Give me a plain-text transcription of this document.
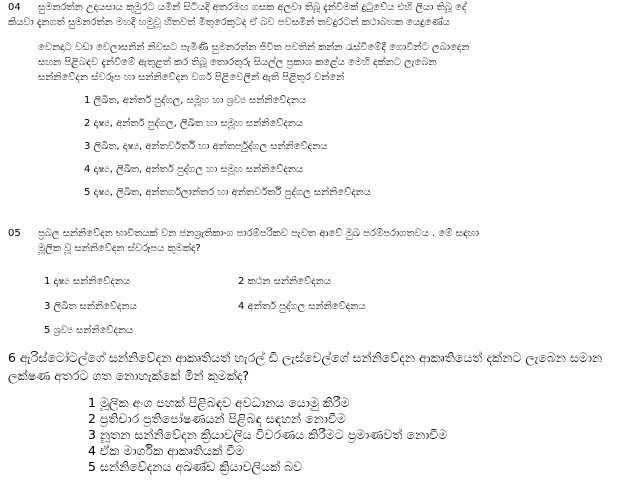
04 සුමනරත්න උදයසාය කුමුරට යමින් සිටියදි අතරමඟ ගසක අලවා තිබූ දැන්වීමක් දුටුවේය එහි ලියා තිබූ දේ
කියවා දැනගත් සුමනරත්න මහදී හමුවූ හිතවත් මිතුරෙකුටද ඒ බව පවසමින් තවදුරටත් කථාබහක යෙදුණේය
වෙනදාට වඩා වෙලාසනින් නිවසට පැමිණි සුමනරත්න ජිවිත පවතින් කන්න රැස්වීමේදී ගොවීන්ට ලබාදෙන
සහන පිළිබඳව දැන්වීමේ ඇතුළත් කර තිබූ තොරතුරු සියල්ල ප්‍රකාශ කළේය මෙහි දක්නට ලැබෙන
සන්නිවේදන ස්වරූප හා සන්නිවේදන වර්ග පිළිවෙලින් ඇති පිළිතුර වන්නේ
1 ලිඛිත, අන්තර් පුද්ගල, සමූහ හා ශ්‍රව්‍ය සන්නිවේදනය
2 දෘෂ්‍ය, අන්තර් පුද්ගල, ලිඛිත හා සමූහ සන්නිවේදනය
3 ලිඛිත, දෘෂ්‍ය, අන්තර්වර්ති හා අන්තර්පුද්ගල සන්නිවේදනය
4 දෘෂ්‍ය, ලිඛිත, අන්තර් පුද්ගල හා සමූහ සන්නිවේදනය
5 දෘෂ්‍ය, ලිඛිත, අන්තර්ගලාන්තර හා අන්තර්වර්ති පුද්ගල සන්නිවේදනය
05 ප්‍රබල සන්නිවේදන භාවිතයක් වන ජනශ්‍රැතිකාංග පාරම්පරිකව පැවත ආවේ මුඛ පරම්පරාගතවය . මේ සඳහා
මූලික වූ සන්නිවේදන ස්වරූපය කුමක්ද?
1 දෘෂ්‍ය සන්නිවේදනය	2 කථන සන්නිවේදනය
3 ලිඛිත සන්නිවේදනය	4 අන්තර් පුද්ගල සන්නිවේදනය
5 ශ්‍රව්‍ය සන්නිවේදනය
6 ඇරිස්ටෝටල්ගේ සන්නිවේදන ආකෘතියත් හැරල් ඩි ලැස්වෙල්ගේ සන්නිවේදන ආකෘතියෙත් දක්නට ලැබෙන සමාන
ලක්ෂණ අතරට ගත නොහැක්කේ මින් කුමක්ද?
1 මූලික අංග පහක් පිළිබඳව අවධානය යොමු කිරීම
2 ප්‍රතිචාර ප්‍රතිපෝෂණයන් පිළිබඳ සඳහන් නොවීම
3 නූතන සන්නිවේදන ක්‍රියාවලිය විවරණය කිරීමට ප්‍රමාණවත් නොවීම
4 ඒක මාර්ගික ආකෘතියක් වීම
5 සන්නිවේදනය අඛණ්ඩ ක්‍රියාවලියක් බව
